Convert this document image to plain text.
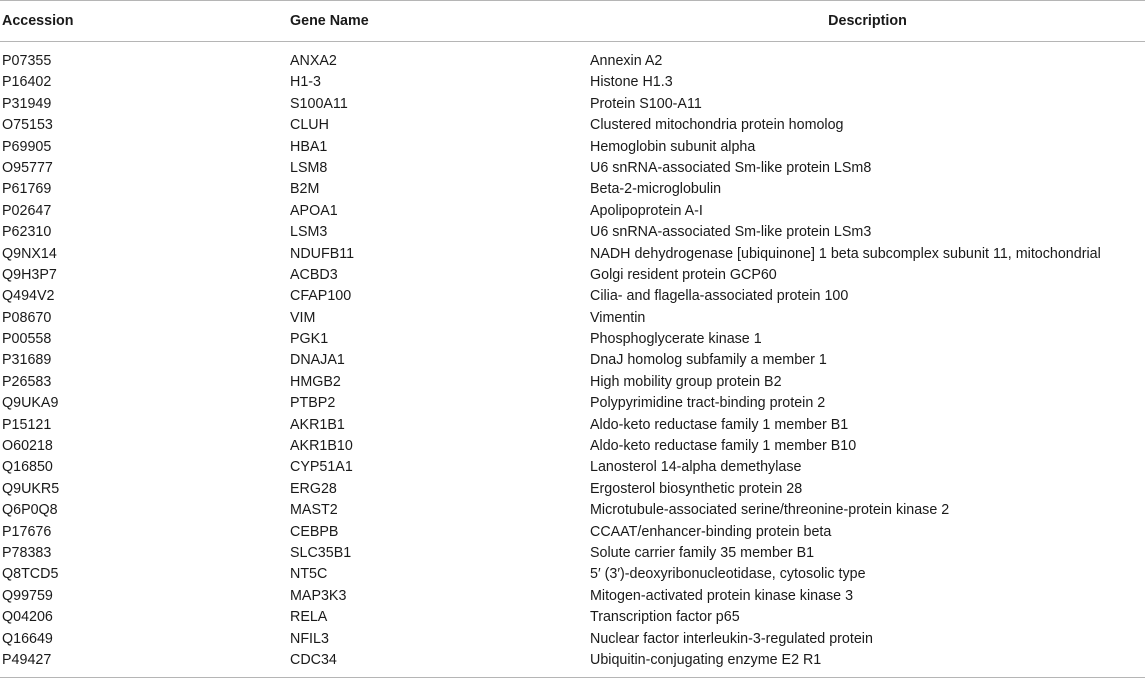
Accession	Gene Name	Description
P07355	ANXA2	Annexin A2
P16402	H1-3	Histone H1.3
P31949	S100A11	Protein S100-A11
O75153	CLUH	Clustered mitochondria protein homolog
P69905	HBA1	Hemoglobin subunit alpha
O95777	LSM8	U6 snRNA-associated Sm-like protein LSm8
P61769	B2M	Beta-2-microglobulin
P02647	APOA1	Apolipoprotein A-I
P62310	LSM3	U6 snRNA-associated Sm-like protein LSm3
Q9NX14	NDUFB11	NADH dehydrogenase [ubiquinone] 1 beta subcomplex subunit 11, mitochondrial
Q9H3P7	ACBD3	Golgi resident protein GCP60
Q494V2	CFAP100	Cilia- and flagella-associated protein 100
P08670	VIM	Vimentin
P00558	PGK1	Phosphoglycerate kinase 1
P31689	DNAJA1	DnaJ homolog subfamily a member 1
P26583	HMGB2	High mobility group protein B2
Q9UKA9	PTBP2	Polypyrimidine tract-binding protein 2
P15121	AKR1B1	Aldo-keto reductase family 1 member B1
O60218	AKR1B10	Aldo-keto reductase family 1 member B10
Q16850	CYP51A1	Lanosterol 14-alpha demethylase
Q9UKR5	ERG28	Ergosterol biosynthetic protein 28
Q6P0Q8	MAST2	Microtubule-associated serine/threonine-protein kinase 2
P17676	CEBPB	CCAAT/enhancer-binding protein beta
P78383	SLC35B1	Solute carrier family 35 member B1
Q8TCD5	NT5C	5′ (3′)-deoxyribonucleotidase, cytosolic type
Q99759	MAP3K3	Mitogen-activated protein kinase kinase 3
Q04206	RELA	Transcription factor p65
Q16649	NFIL3	Nuclear factor interleukin-3-regulated protein
P49427	CDC34	Ubiquitin-conjugating enzyme E2 R1
